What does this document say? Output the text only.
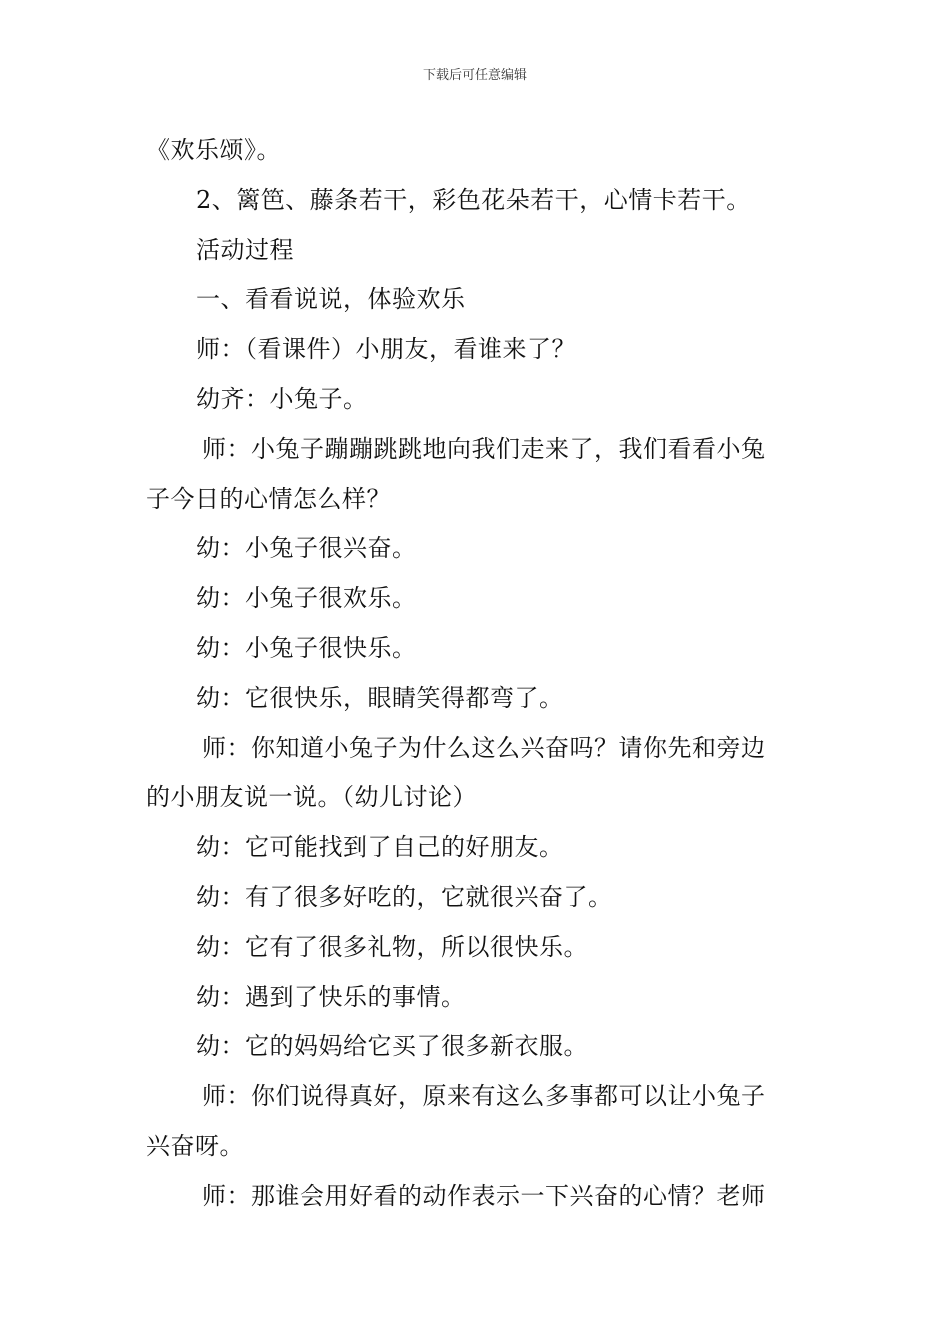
下载后可任意编辑
《欢乐颂》。
2、篱笆、藤条若干，彩色花朵若干，心情卡若干。
活动过程
一、看看说说，体验欢乐
师：（看课件）小朋友，看谁来了？
幼齐：小兔子。
师：小兔子蹦蹦跳跳地向我们走来了，我们看看小兔
子今日的心情怎么样？
幼：小兔子很兴奋。
幼：小兔子很欢乐。
幼：小兔子很快乐。
幼：它很快乐，眼睛笑得都弯了。
师：你知道小兔子为什么这么兴奋吗？请你先和旁边
的小朋友说一说。（幼儿讨论）
幼：它可能找到了自己的好朋友。
幼：有了很多好吃的，它就很兴奋了。
幼：它有了很多礼物，所以很快乐。
幼：遇到了快乐的事情。
幼：它的妈妈给它买了很多新衣服。
师：你们说得真好，原来有这么多事都可以让小兔子
兴奋呀。
师：那谁会用好看的动作表示一下兴奋的心情？老师
